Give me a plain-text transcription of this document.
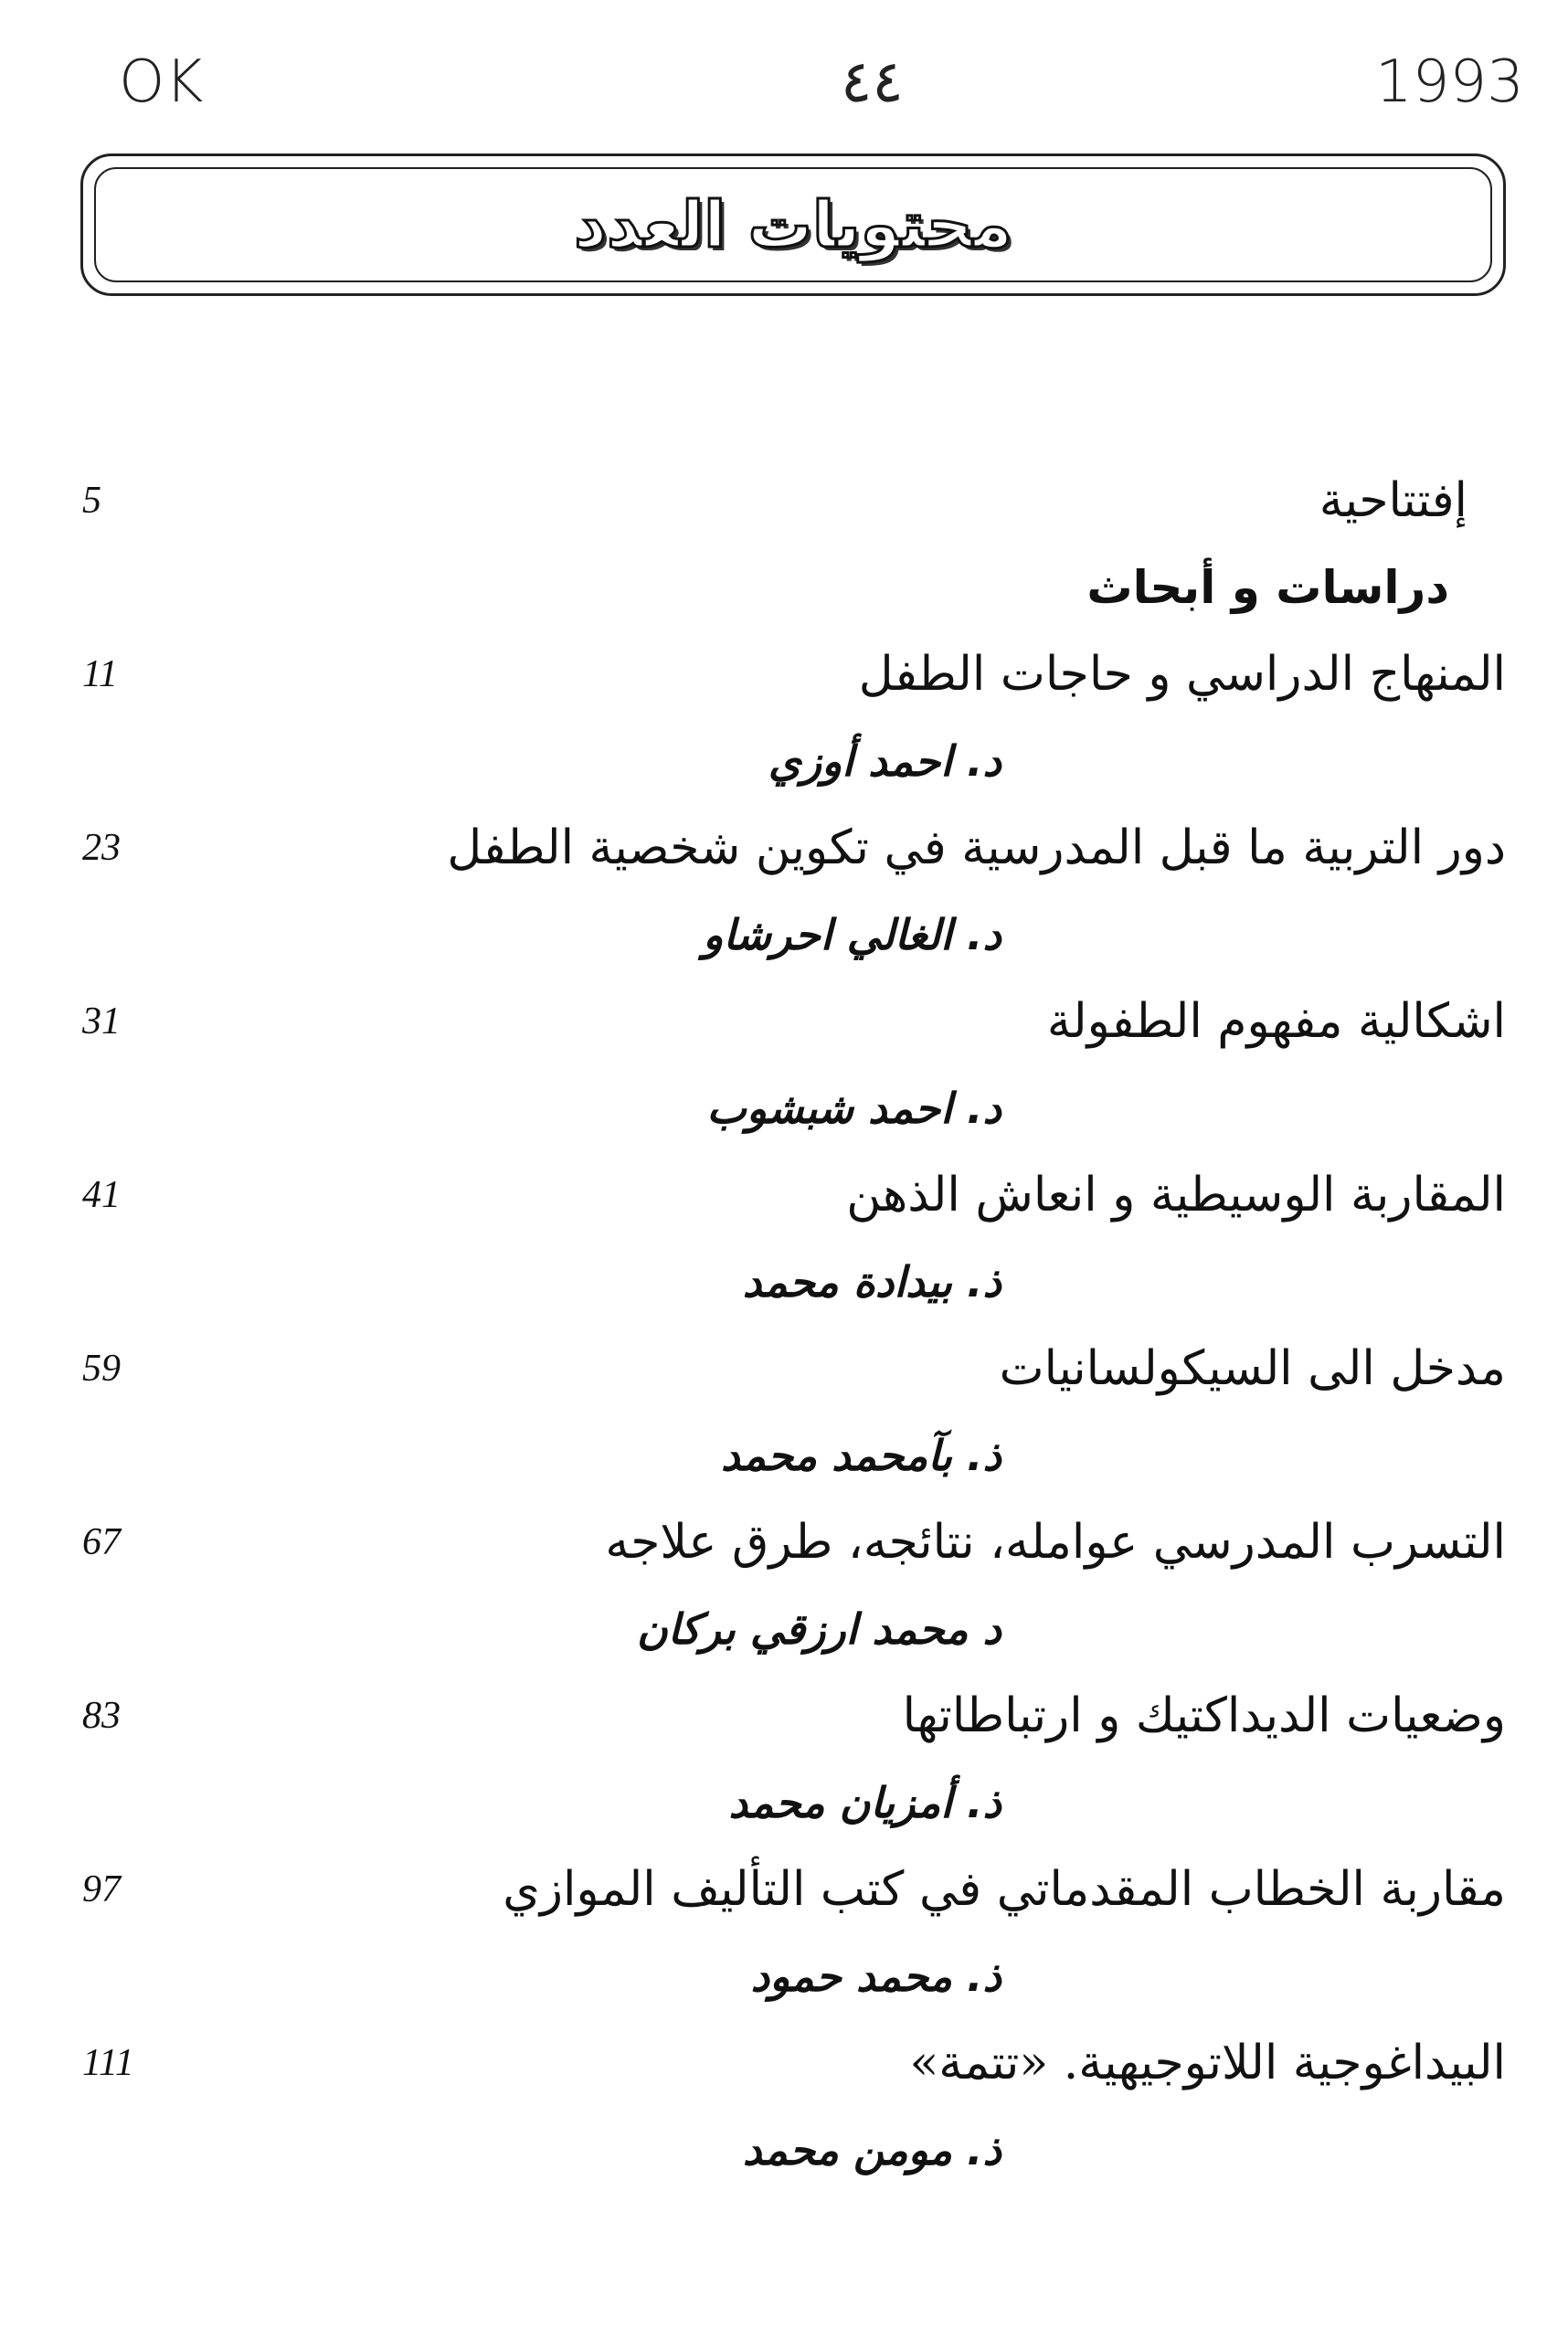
OK	٤٤	1993
محتويات العدد
إفتتاحية
5
دراسات و أبحاث
المنهاج الدراسي و حاجات الطفل
11
د. احمد أوزي
دور التربية ما قبل المدرسية في تكوين شخصية الطفل
23
د. الغالي احرشاو
اشكالية مفهوم الطفولة
31
د. احمد شبشوب
المقاربة الوسيطية و انعاش الذهن
41
ذ. بيدادة محمد
مدخل الى السيكولسانيات
59
ذ. بآمحمد محمد
التسرب المدرسي عوامله، نتائجه، طرق علاجه
67
د محمد ارزقي بركان
وضعيات الديداكتيك و ارتباطاتها
83
ذ. أمزيان محمد
مقاربة الخطاب المقدماتي في كتب التأليف الموازي
97
ذ. محمد حمود
البيداغوجية اللاتوجيهية. «تتمة»
111
ذ. مومن محمد
